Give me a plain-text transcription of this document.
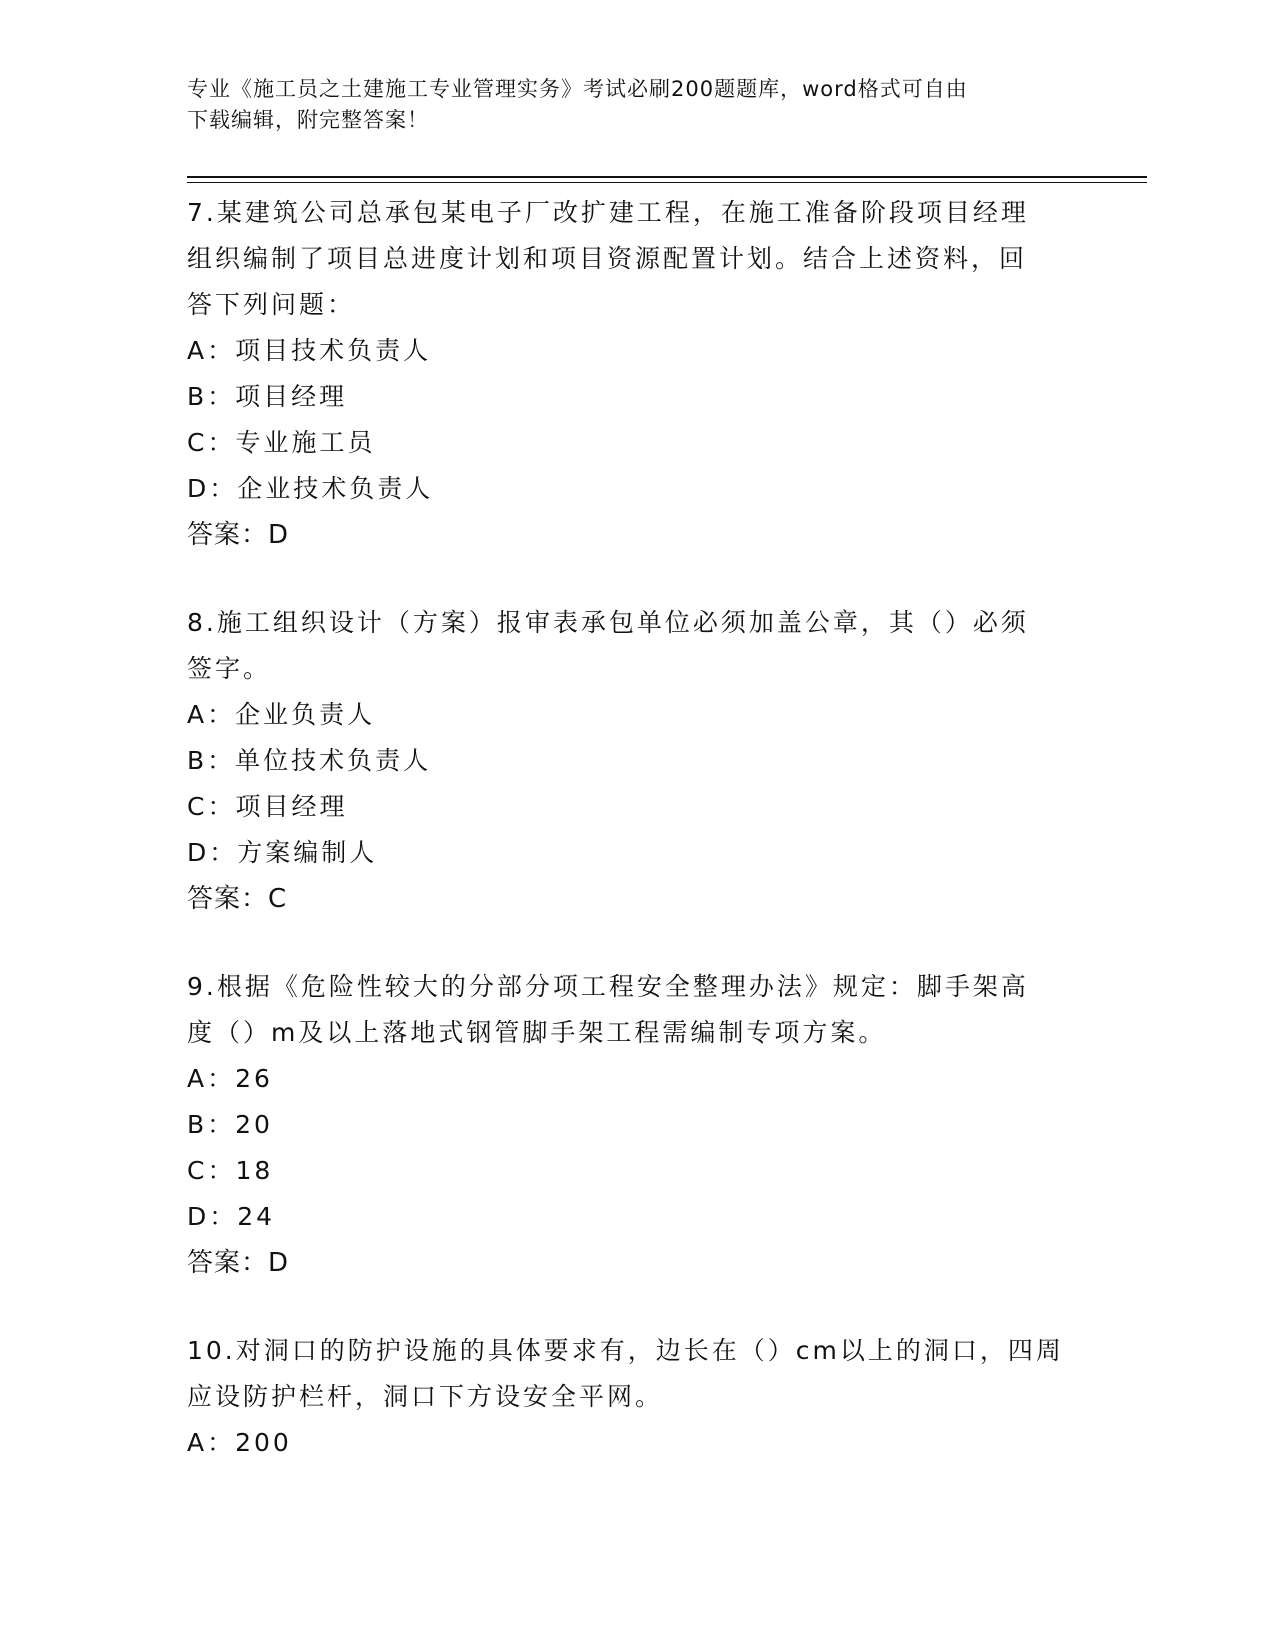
专业《施工员之土建施工专业管理实务》考试必刷200题题库，word格式可自由
下载编辑，附完整答案！
7.某建筑公司总承包某电子厂改扩建工程，在施工准备阶段项目经理
组织编制了项目总进度计划和项目资源配置计划。结合上述资料，回
答下列问题：
A：项目技术负责人
B：项目经理
C：专业施工员
D：企业技术负责人
答案：D
8.施工组织设计（方案）报审表承包单位必须加盖公章，其（）必须
签字。
A：企业负责人
B：单位技术负责人
C：项目经理
D：方案编制人
答案：C
9.根据《危险性较大的分部分项工程安全整理办法》规定：脚手架高
度（）m及以上落地式钢管脚手架工程需编制专项方案。
A：26
B：20
C：18
D：24
答案：D
10.对洞口的防护设施的具体要求有，边长在（）cm以上的洞口，四周
应设防护栏杆，洞口下方设安全平网。
A：200
